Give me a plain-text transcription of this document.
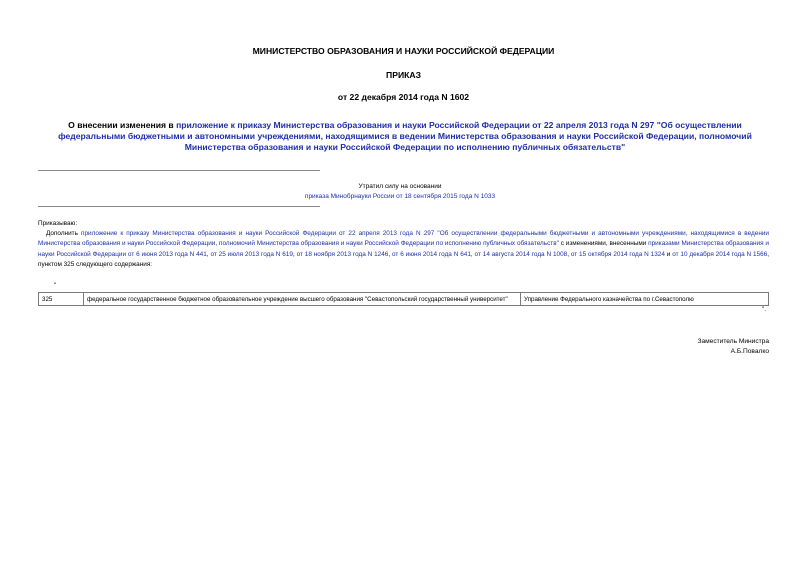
МИНИСТЕРСТВО ОБРАЗОВАНИЯ И НАУКИ РОССИЙСКОЙ ФЕДЕРАЦИИ
ПРИКАЗ
от 22 декабря 2014 года N 1602
О внесении изменения в приложение к приказу Министерства образования и науки Российской Федерации от 22 апреля 2013 года N 297 "Об осуществлении федеральными бюджетными и автономными учреждениями, находящимися в ведении Министерства образования и науки Российской Федерации, полномочий Министерства образования и науки Российской Федерации по исполнению публичных обязательств"
Утратил силу на основании
приказа Минобрнауки России от 18 сентября 2015 года N 1033
Приказываю:
Дополнить приложение к приказу Министерства образования и науки Российской Федерации от 22 апреля 2013 года N 297 "Об осуществлении федеральными бюджетными и автономными учреждениями, находящимися в ведении Министерства образования и науки Российской Федерации, полномочий Министерства образования и науки Российской Федерации по исполнению публичных обязательств" с изменениями, внесенными приказами Министерства образования и науки Российской Федерации от 6 июня 2013 года N 441, от 25 июля 2013 года N 619, от 18 ноября 2013 года N 1246, от 6 июня 2014 года N 641, от 14 августа 2014 года N 1008, от 15 октября 2014 года N 1324 и от 10 декабря 2014 года N 1566, пунктом 325 следующего содержания:
"
325	федеральное государственное бюджетное образовательное учреждение высшего образования "Севастопольский государственный университет"	Управление Федерального казначейства по г.Севастополю
".
Заместитель Министра
А.Б.Повалко
